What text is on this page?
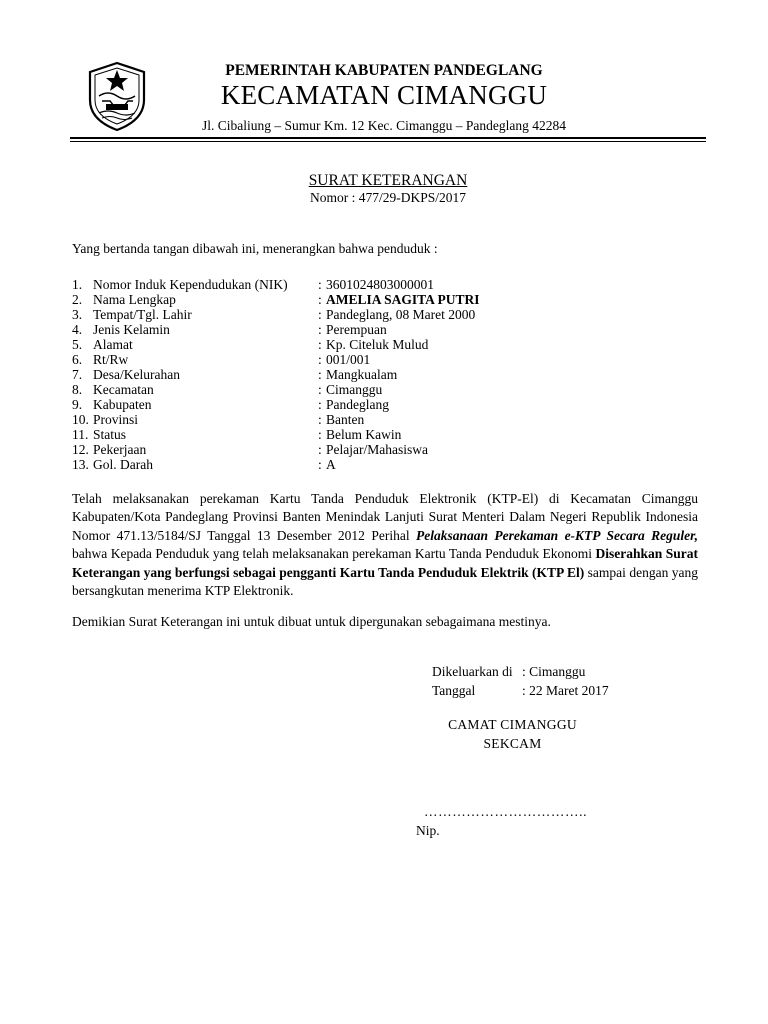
PEMERINTAH KABUPATEN PANDEGLANG
KECAMATAN CIMANGGU
Jl. Cibaliung – Sumur Km. 12 Kec. Cimanggu – Pandeglang 42284
SURAT KETERANGAN
Nomor : 477/29-DKPS/2017
Yang bertanda tangan dibawah ini, menerangkan bahwa penduduk :
1. Nomor Induk Kependudukan (NIK) : 3601024803000001
2. Nama Lengkap	: AMELIA SAGITA PUTRI
3. Tempat/Tgl. Lahir	: Pandeglang, 08 Maret 2000
4. Jenis Kelamin	: Perempuan
5. Alamat	: Kp. Citeluk Mulud
6. Rt/Rw	: 001/001
7. Desa/Kelurahan	: Mangkualam
8. Kecamatan	: Cimanggu
9. Kabupaten	: Pandeglang
10. Provinsi	: Banten
11. Status	: Belum Kawin
12. Pekerjaan	: Pelajar/Mahasiswa
13. Gol. Darah	: A
Telah melaksanakan perekaman Kartu Tanda Penduduk Elektronik (KTP-El) di Kecamatan Cimanggu Kabupaten/Kota Pandeglang Provinsi Banten Menindak Lanjuti Surat Menteri Dalam Negeri Republik Indonesia Nomor 471.13/5184/SJ Tanggal 13 Desember 2012 Perihal Pelaksanaan Perekaman e-KTP Secara Reguler, bahwa Kepada Penduduk yang telah melaksanakan perekaman Kartu Tanda Penduduk Ekonomi Diserahkan Surat Keterangan yang berfungsi sebagai pengganti Kartu Tanda Penduduk Elektrik (KTP El) sampai dengan yang bersangkutan menerima KTP Elektronik.
Demikian Surat Keterangan ini untuk dibuat untuk dipergunakan sebagaimana mestinya.
Dikeluarkan di : Cimanggu
Tanggal	: 22 Maret 2017
CAMAT CIMANGGU
SEKCAM
……………………………..
Nip.
